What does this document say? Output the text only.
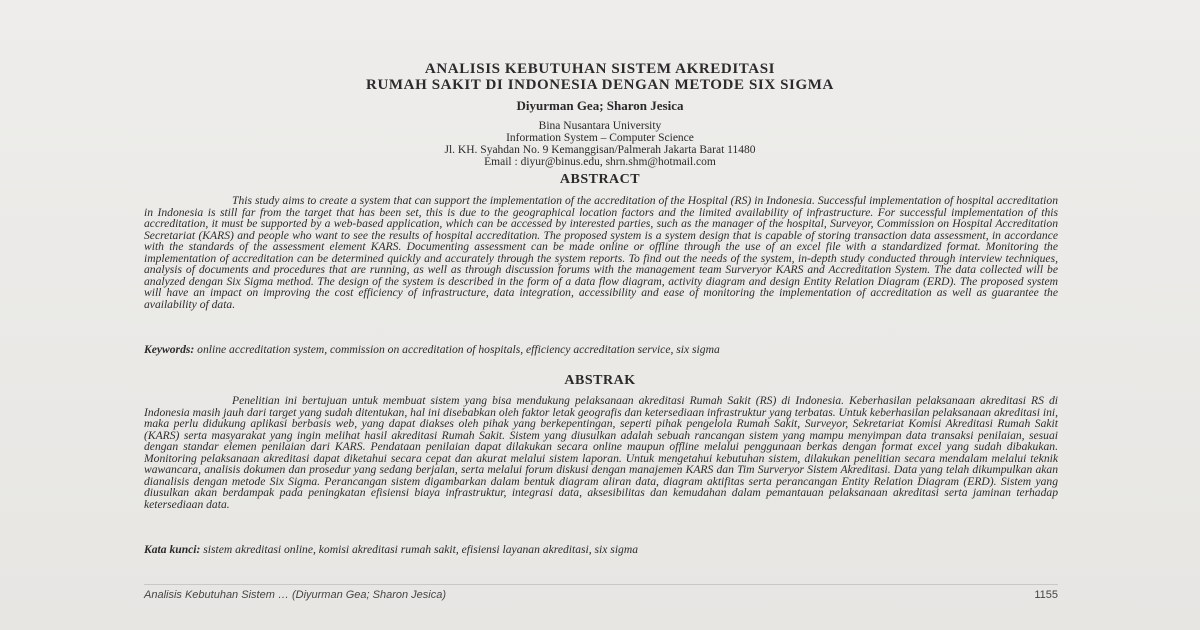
ANALISIS KEBUTUHAN SISTEM AKREDITASI
RUMAH SAKIT DI INDONESIA DENGAN METODE SIX SIGMA
Diyurman Gea; Sharon Jesica
Bina Nusantara University
Information System – Computer Science
Jl. KH. Syahdan No. 9 Kemanggisan/Palmerah Jakarta Barat 11480
Email : diyur@binus.edu, shrn.shm@hotmail.com
ABSTRACT

This study aims to create a system that can support the implementation of the accreditation of the Hospital (RS) in Indonesia. Successful implementation of hospital accreditation in Indonesia is still far from the target that has been set, this is due to the geographical location factors and the limited availability of infrastructure. For successful implementation of this accreditation, it must be supported by a web-based application, which can be accessed by interested parties, such as the manager of the hospital, Surveyor, Commission on Hospital Accreditation Secretariat (KARS) and people who want to see the results of hospital accreditation. The proposed system is a system design that is capable of storing transaction data assessment, in accordance with the standards of the assessment element KARS. Documenting assessment can be made online or offline through the use of an excel file with a standardized format. Monitoring the implementation of accreditation can be determined quickly and accurately through the system reports. To find out the needs of the system, in-depth study conducted through interview techniques, analysis of documents and procedures that are running, as well as through discussion forums with the management team Surveryor KARS and Accreditation System. The data collected will be analyzed dengan Six Sigma method. The design of the system is described in the form of a data flow diagram, activity diagram and design Entity Relation Diagram (ERD). The proposed system will have an impact on improving the cost efficiency of infrastructure, data integration, accessibility and ease of monitoring the implementation of accreditation as well as guarantee the availability of data.

Keywords: online accreditation system, commission on accreditation of hospitals, efficiency accreditation service, six sigma

ABSTRAK

Penelitian ini bertujuan untuk membuat sistem yang bisa mendukung pelaksanaan akreditasi Rumah Sakit (RS) di Indonesia. Keberhasilan pelaksanaan akreditasi RS di Indonesia masih jauh dari target yang sudah ditentukan, hal ini disebabkan oleh faktor letak geografis dan ketersediaan infrastruktur yang terbatas. Untuk keberhasilan pelaksanaan akreditasi ini, maka perlu didukung aplikasi berbasis web, yang dapat diakses oleh pihak yang berkepentingan, seperti pihak pengelola Rumah Sakit, Surveyor, Sekretariat Komisi Akreditasi Rumah Sakit (KARS) serta masyarakat yang ingin melihat hasil akreditasi Rumah Sakit. Sistem yang diusulkan adalah sebuah rancangan sistem yang mampu menyimpan data transaksi penilaian, sesuai dengan standar elemen penilaian dari KARS. Pendataan penilaian dapat dilakukan secara online maupun offline melalui penggunaan berkas dengan format excel yang sudah dibakukan. Monitoring pelaksanaan akreditasi dapat diketahui secara cepat dan akurat melalui sistem laporan. Untuk mengetahui kebutuhan sistem, dilakukan penelitian secara mendalam melalui teknik wawancara, analisis dokumen dan prosedur yang sedang berjalan, serta melalui forum diskusi dengan manajemen KARS dan Tim Surveryor Sistem Akreditasi. Data yang telah dikumpulkan akan dianalisis dengan metode Six Sigma. Perancangan sistem digambarkan dalam bentuk diagram aliran data, diagram aktifitas serta perancangan Entity Relation Diagram (ERD). Sistem yang diusulkan akan berdampak pada peningkatan efisiensi biaya infrastruktur, integrasi data, aksesibilitas dan kemudahan dalam pemantauan pelaksanaan akreditasi serta jaminan terhadap ketersediaan data.

Kata kunci: sistem akreditasi online, komisi akreditasi rumah sakit, efisiensi layanan akreditasi, six sigma

Analisis Kebutuhan Sistem … (Diyurman Gea; Sharon Jesica)	1155
